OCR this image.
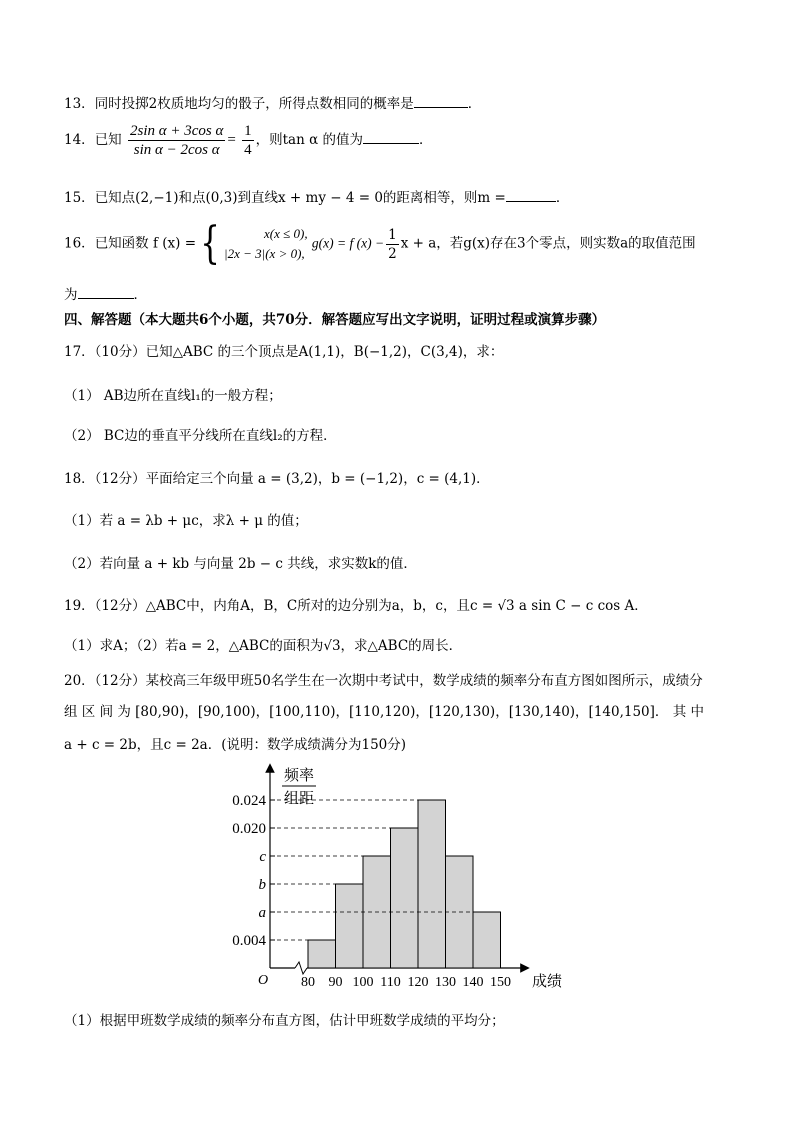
13．同时投掷2枚质地均匀的骰子，所得点数相同的概率是	．
14．已知 $\frac{\text{2sin α + 3cos α}}{\text{sin α − 2cos α}} = \frac{1}{4}$ ，则tan α 的值为	．
15．已知点(2,−1)和点(0,3)到直线x + my − 4 = 0的距离相等，则m =	．
16．已知函数 f (x) ={	x(x ≤ 0),
|2x − 3|(x > 0),
g(x) = f $(x) - \frac{1}{2}$ x + a，若g(x)存在3个零点，则实数a的取值范围
为	．
四、解答题（本大题共6个小题，共70分．解答题应写出文字说明，证明过程或演算步骤）
17．（10分）已知△ABC 的三个顶点是A(1,1)，B(−1,2)，C(3,4)，求：
（1） AB边所在直线l₁的一般方程；
（2） BC边的垂直平分线所在直线l₂的方程．
18．（12分）平面给定三个向量 a = (3,2)，b = (−1,2)，c = (4,1)．
（1）若 a = λb + μc，求λ + μ 的值；
（2）若向量 a + kb 与向量 2b − c 共线，求实数k的值．
19．（12分）△ABC中，内角A，B，C所对的边分别为a，b，c，且c = √3 a sin C − c cos A．
（1）求A；（2）若a = 2，△ABC的面积为√3，求△ABC的周长．
20．（12分）某校高三年级甲班50名学生在一次期中考试中，数学成绩的频率分布直方图如图所示，成绩分
组 区 间 为 [80,90)，[90,100)，[100,110)，[110,120)，[120,130)，[130,140)，[140,150]． 其 中
a + c = 2b，且c = 2a．(说明：数学成绩满分为150分)
O
频率
组距
成绩
0.004
a
b
c
0.020
0.024
80 90 100 110 120 130 140 150
（1）根据甲班数学成绩的频率分布直方图，估计甲班数学成绩的平均分；
